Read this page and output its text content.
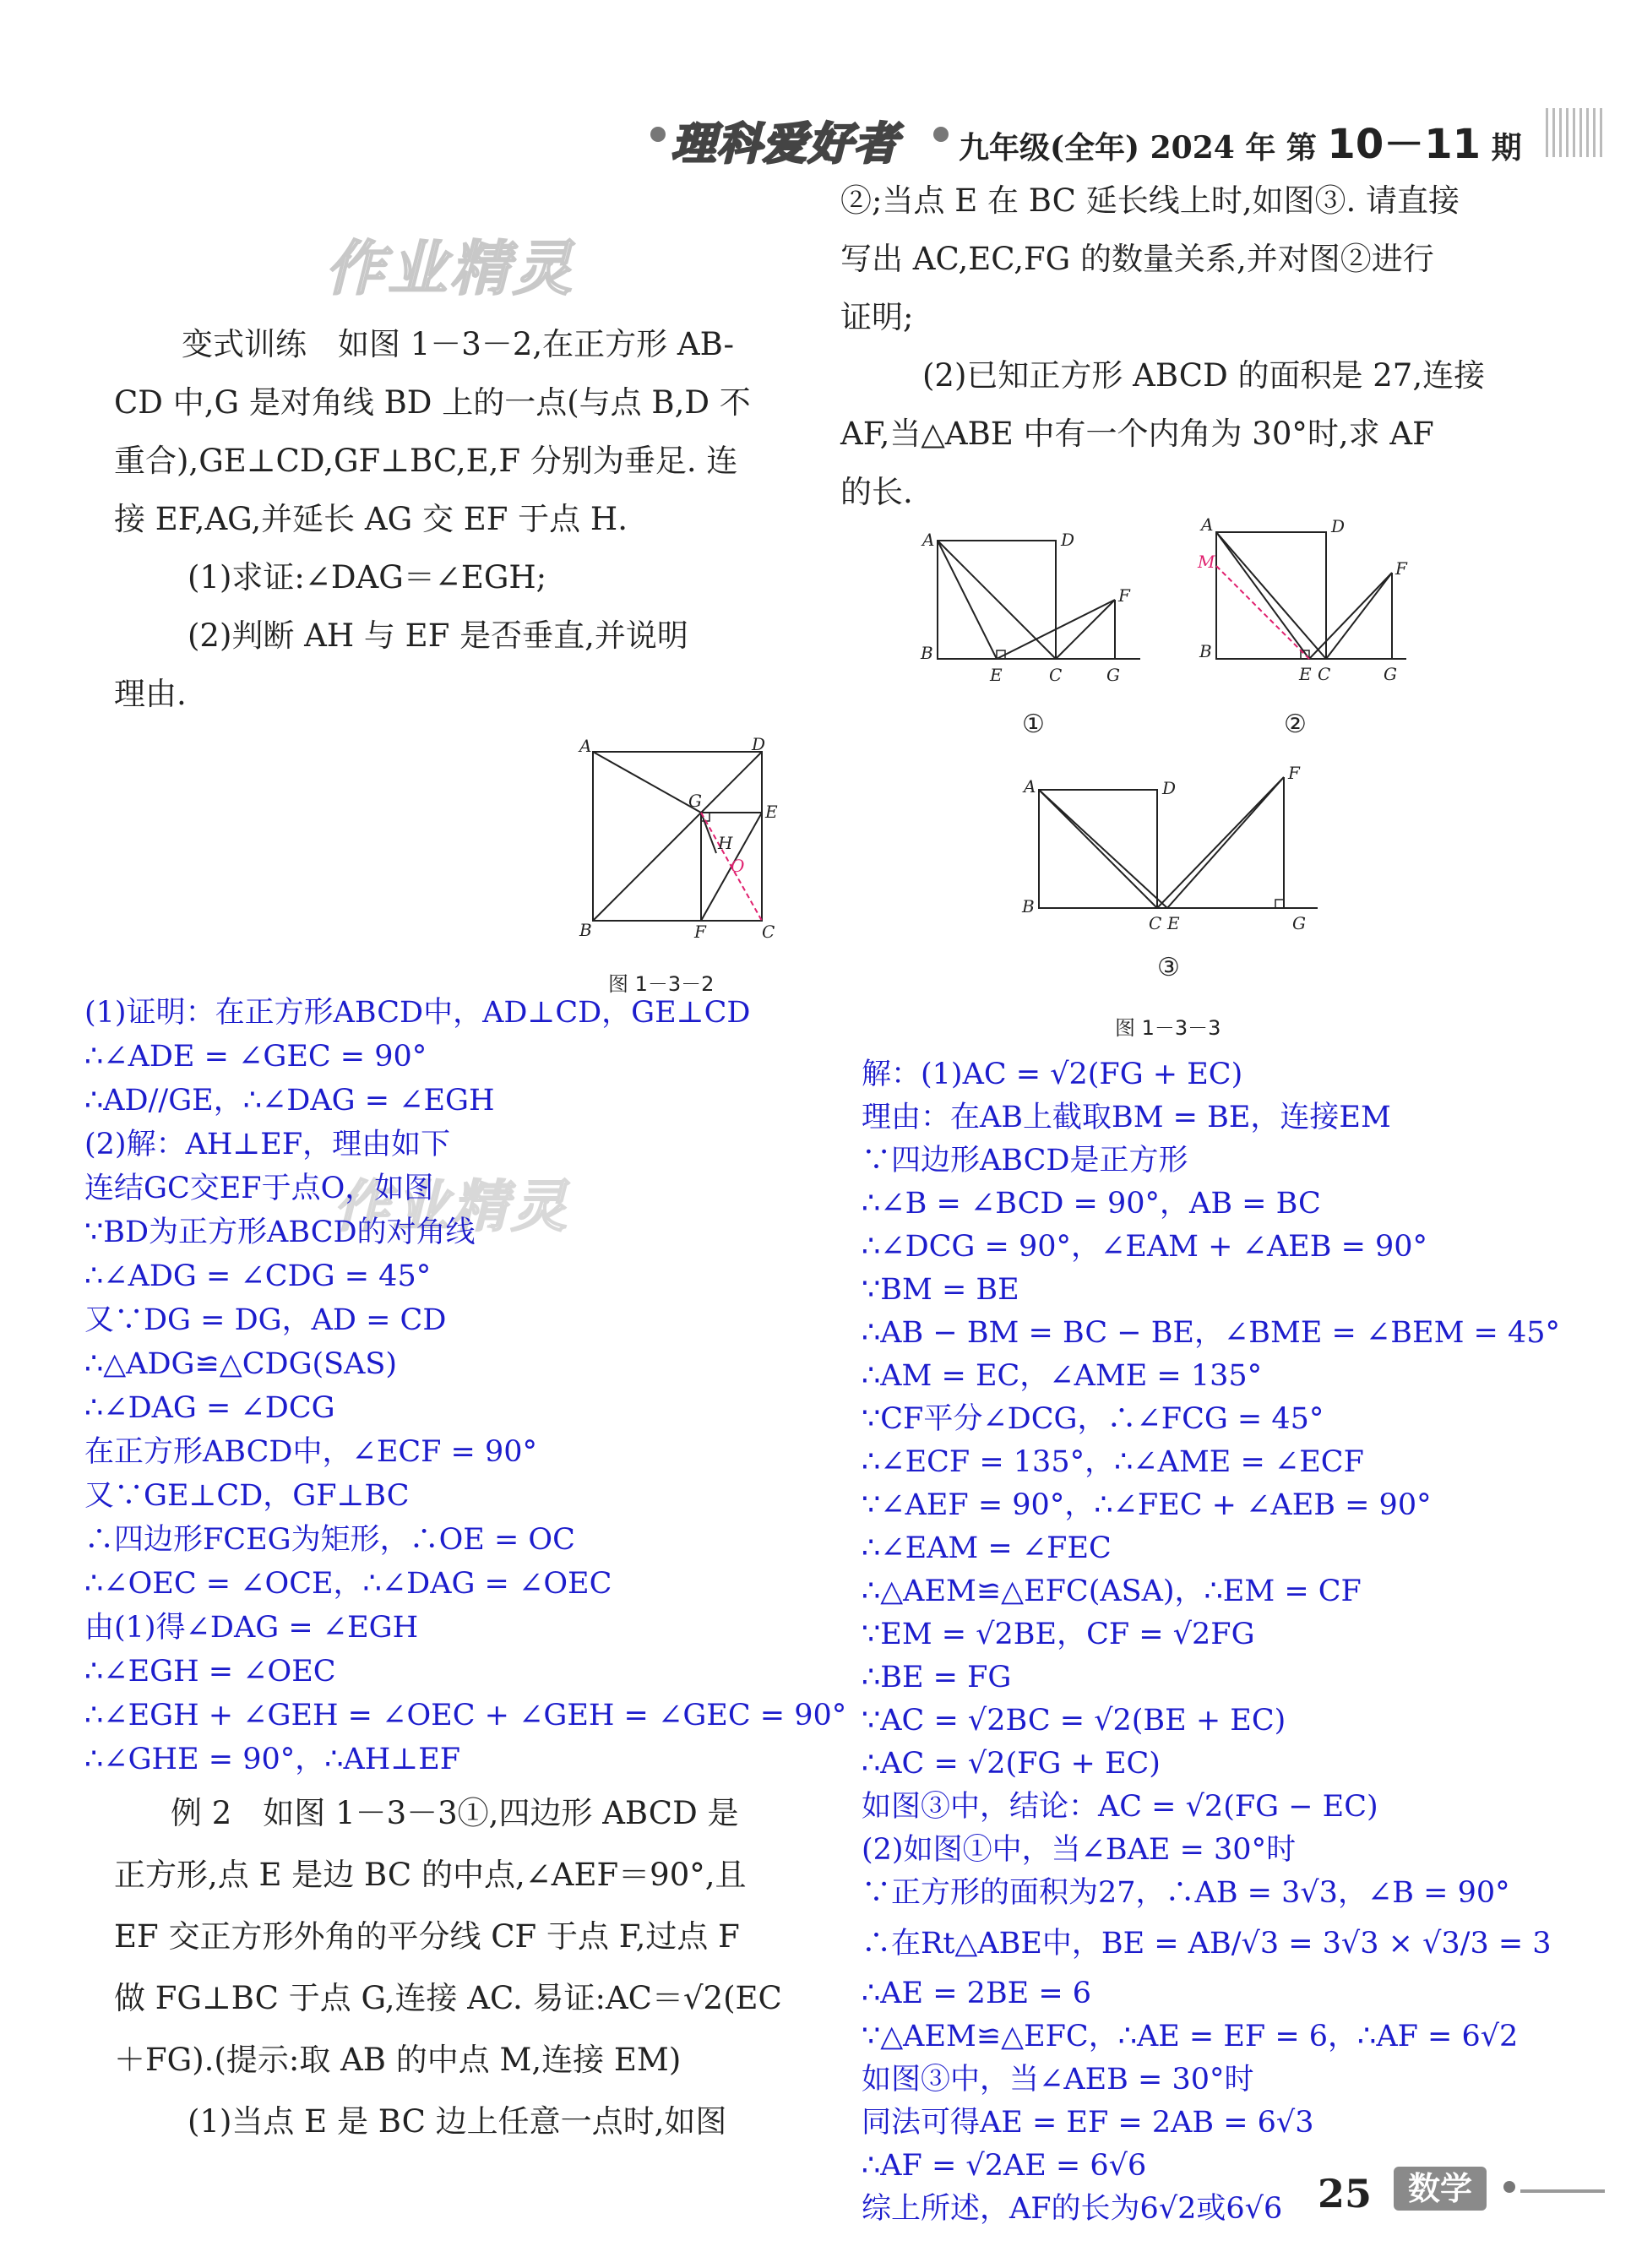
理科爱好者 九年级(全年) 2024 年 第 10－11 期
作业精灵
作业精灵
变式训练　如图 1－3－2,在正方形 AB-
CD 中,G 是对角线 BD 上的一点(与点 B,D 不
重合),GE⊥CD,GF⊥BC,E,F 分别为垂足. 连
接 EF,AG,并延长 AG 交 EF 于点 H.
　(1)求证:∠DAG＝∠EGH;
　(2)判断 AH 与 EF 是否垂直,并说明
理由.
A	D
G
E
H
O
B	F	C
图 1－3－2
(1)证明：在正方形ABCD中，AD⊥CD，GE⊥CD
∴∠ADE = ∠GEC = 90°
∴AD//GE，∴∠DAG = ∠EGH
(2)解：AH⊥EF，理由如下
连结GC交EF于点O，如图
∵BD为正方形ABCD的对角线
∴∠ADG = ∠CDG = 45°
又∵DG = DG，AD = CD
∴△ADG≌△CDG(SAS)
∴∠DAG = ∠DCG
在正方形ABCD中，∠ECF = 90°
又∵GE⊥CD，GF⊥BC
∴四边形FCEG为矩形，∴OE = OC
∴∠OEC = ∠OCE，∴∠DAG = ∠OEC
由(1)得∠DAG = ∠EGH
∴∠EGH = ∠OEC
∴∠EGH + ∠GEH = ∠OEC + ∠GEH = ∠GEC = 90°
∴∠GHE = 90°，∴AH⊥EF
　例 2　如图 1－3－3①,四边形 ABCD 是
正方形,点 E 是边 BC 的中点,∠AEF＝90°,且
EF 交正方形外角的平分线 CF 于点 F,过点 F
做 FG⊥BC 于点 G,连接 AC. 易证:AC＝√2(EC
＋FG).(提示:取 AB 的中点 M,连接 EM)
　(1)当点 E 是 BC 边上任意一点时,如图
②;当点 E 在 BC 延长线上时,如图③. 请直接
写出 AC,EC,FG 的数量关系,并对图②进行
证明;
　(2)已知正方形 ABCD 的面积是 27,连接
AF,当△ABE 中有一个内角为 30°时,求 AF
的长.
A	D
F
B
E	C	G
①
A	D
M	F
B
E C	G
②
A	D
F
B
C E	G
③
图 1－3－3
解：(1)AC = √2(FG + EC)
理由：在AB上截取BM = BE，连接EM
∵四边形ABCD是正方形
∴∠B = ∠BCD = 90°，AB = BC
∴∠DCG = 90°，∠EAM + ∠AEB = 90°
∵BM = BE
∴AB − BM = BC − BE，∠BME = ∠BEM = 45°
∴AM = EC，∠AME = 135°
∵CF平分∠DCG，∴∠FCG = 45°
∴∠ECF = 135°，∴∠AME = ∠ECF
∵∠AEF = 90°，∴∠FEC + ∠AEB = 90°
∴∠EAM = ∠FEC
∴△AEM≌△EFC(ASA)，∴EM = CF
∵EM = √2BE，CF = √2FG
∴BE = FG
∵AC = √2BC = √2(BE + EC)
∴AC = √2(FG + EC)
如图③中，结论：AC = √2(FG − EC)
(2)如图①中，当∠BAE = 30°时
∵正方形的面积为27，∴AB = 3√3，∠B = 90°
∴在Rt△ABE中，BE = AB/√3 = 3√3 × √3/3 = 3
∴AE = 2BE = 6
∵△AEM≌△EFC，∴AE = EF = 6，∴AF = 6√2
如图③中，当∠AEB = 30°时
同法可得AE = EF = 2AB = 6√3
∴AF = √2AE = 6√6
综上所述，AF的长为6√2或6√6 25	数学
